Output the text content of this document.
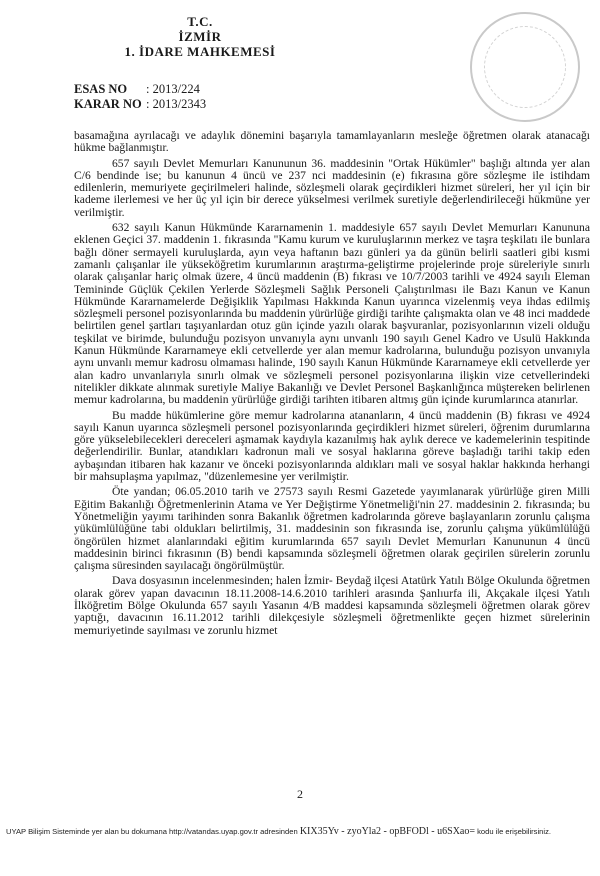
T.C.
İZMİR
1. İDARE MAHKEMESİ
ESAS NO	: 2013/224
KARAR NO : 2013/2343

basamağına ayrılacağı ve adaylık dönemini başarıyla tamamlayanların mesleğe öğretmen olarak atanacağı hükme bağlanmıştır.

657 sayılı Devlet Memurları Kanununun 36. maddesinin "Ortak Hükümler" başlığı altında yer alan C/6 bendinde ise; bu kanunun 4 üncü ve 237 nci maddesinin (e) fıkrasına göre sözleşme ile istihdam edilenlerin, memuriyete geçirilmeleri halinde, sözleşmeli olarak geçirdikleri hizmet süreleri, her yıl için bir kademe ilerlemesi ve her üç yıl için bir derece yükselmesi verilmek suretiyle değerlendirileceği hükmüne yer verilmiştir.

632 sayılı Kanun Hükmünde Kararnamenin 1. maddesiyle 657 sayılı Devlet Memurları Kanununa eklenen Geçici 37. maddenin 1. fıkrasında "Kamu kurum ve kuruluşlarının merkez ve taşra teşkilatı ile bunlara bağlı döner sermayeli kuruluşlarda, ayın veya haftanın bazı günleri ya da günün belirli saatleri gibi kısmi zamanlı çalışanlar ile yükseköğretim kurumlarının araştırma-geliştirme projelerinde proje süreleriyle sınırlı olarak çalışanlar hariç olmak üzere, 4 üncü maddenin (B) fıkrası ve 10/7/2003 tarihli ve 4924 sayılı Eleman Temininde Güçlük Çekilen Yerlerde Sözleşmeli Sağlık Personeli Çalıştırılması ile Bazı Kanun ve Kanun Hükmünde Kararnamelerde Değişiklik Yapılması Hakkında Kanun uyarınca vizelenmiş veya ihdas edilmiş sözleşmeli personel pozisyonlarında bu maddenin yürürlüğe girdiği tarihte çalışmakta olan ve 48 inci maddede belirtilen genel şartları taşıyanlardan otuz gün içinde yazılı olarak başvuranlar, pozisyonlarının vizeli olduğu teşkilat ve birimde, bulunduğu pozisyon unvanıyla aynı unvanlı 190 sayılı Genel Kadro ve Usulü Hakkında Kanun Hükmünde Kararnameye ekli cetvellerde yer alan memur kadrolarına, bulunduğu pozisyon unvanıyla aynı unvanlı memur kadrosu olmaması halinde, 190 sayılı Kanun Hükmünde Kararnameye ekli cetvellerde yer alan kadro unvanlarıyla sınırlı olmak ve sözleşmeli personel pozisyonlarına ilişkin vize cetvellerindeki nitelikler dikkate alınmak suretiyle Maliye Bakanlığı ve Devlet Personel Başkanlığınca müştereken belirlenen memur kadrolarına, bu maddenin yürürlüğe girdiği tarihten itibaren altmış gün içinde kurumlarınca atanırlar.

Bu madde hükümlerine göre memur kadrolarına atananların, 4 üncü maddenin (B) fıkrası ve 4924 sayılı Kanun uyarınca sözleşmeli personel pozisyonlarında geçirdikleri hizmet süreleri, öğrenim durumlarına göre yükselebilecekleri dereceleri aşmamak kaydıyla kazanılmış hak aylık derece ve kademelerinin tespitinde değerlendirilir. Bunlar, atandıkları kadronun mali ve sosyal haklarına göreve başladığı tarihi takip eden aybaşından itibaren hak kazanır ve önceki pozisyonlarında aldıkları mali ve sosyal haklar hakkında herhangi bir mahsuplaşma yapılmaz, "düzenlemesine yer verilmiştir.

Öte yandan; 06.05.2010 tarih ve 27573 sayılı Resmi Gazetede yayımlanarak yürürlüğe giren Milli Eğitim Bakanlığı Öğretmenlerinin Atama ve Yer Değiştirme Yönetmeliği'nin 27. maddesinin 2. fıkrasında; bu Yönetmeliğin yayımı tarihinden sonra Bakanlık öğretmen kadrolarında göreve başlayanların zorunlu çalışma yükümlülüğüne tabi oldukları belirtilmiş, 31. maddesinin son fıkrasında ise, zorunlu çalışma yükümlülüğü öngörülen hizmet alanlarındaki eğitim kurumlarında 657 sayılı Devlet Memurları Kanununun 4 üncü maddesinin birinci fıkrasının (B) bendi kapsamında sözleşmeli öğretmen olarak geçirilen sürelerin zorunlu çalışma süresinden sayılacağı öngörülmüştür.

Dava dosyasının incelenmesinden; halen İzmir- Beydağ ilçesi Atatürk Yatılı Bölge Okulunda öğretmen olarak görev yapan davacının 18.11.2008-14.6.2010 tarihleri arasında Şanlıurfa ili, Akçakale ilçesi Yatılı İlköğretim Bölge Okulunda 657 sayılı Yasanın 4/B maddesi kapsamında sözleşmeli öğretmen olarak görev yaptığı, davacının 16.11.2012 tarihli dilekçesiyle sözleşmeli öğretmenlikte geçen hizmet sürelerinin memuriyetinde sayılması ve zorunlu hizmet

2
UYAP Bilişim Sisteminde yer alan bu dokumana http://vatandas.uyap.gov.tr adresinden KIX35Yv - zyoYla2 - opBFODl - u6SXao= kodu ile erişebilirsiniz.
